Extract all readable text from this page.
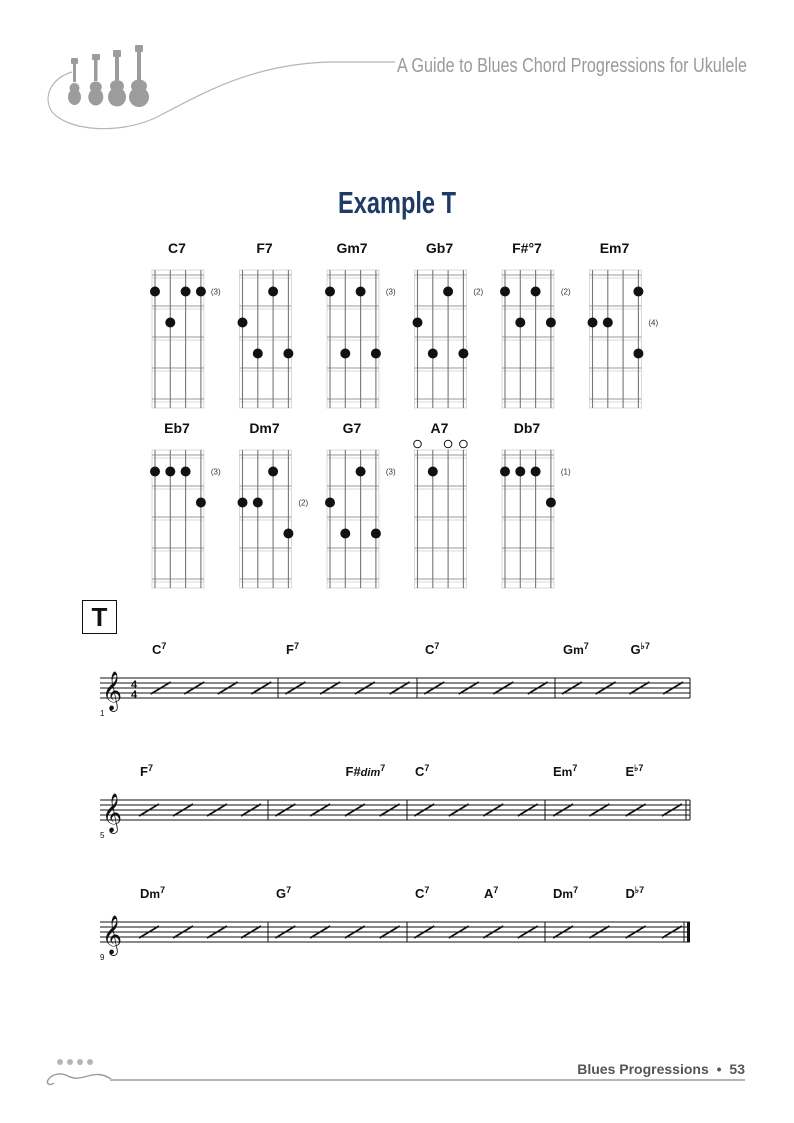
A Guide to Blues Chord Progressions for Ukulele
Example T
C7
(3)
F7	Gm7
(3)
Gb7
(2)
F#°7
(2)
Em7
(4)
Eb7
(3)
Dm7
(2)
G7
(3)
A7	Db7
(1)
T
𝄞 4
4
1
$C^7$	$F^7$	$C^7$	Gm$^7$	$G^{♭7}$
𝄞
5
$F^7$	F#dim$^7$ $C^7$	Em$^7$	$E^{♭7}$
𝄞
9
Dm$^7$	$G^7$	$C^7$	$A^7$	Dm$^7$	$D^{♭7}$
Blues Progressions • 53
